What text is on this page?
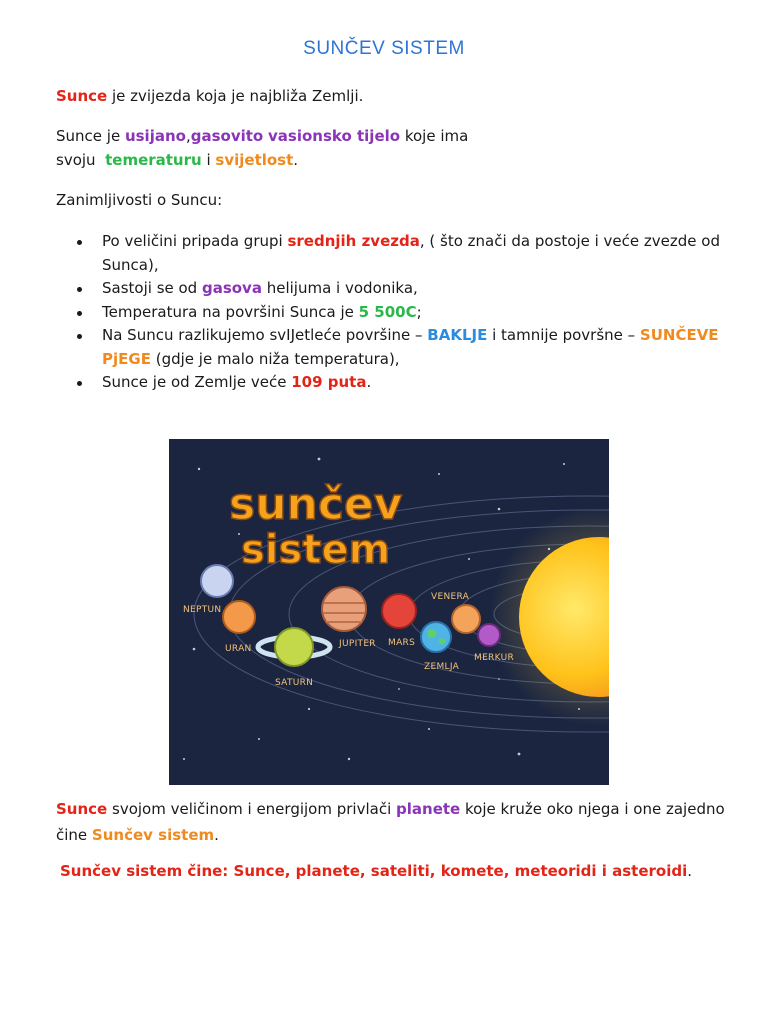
SUNČEV SISTEM
Sunce je zvijezda koja je najbliža Zemlji.
Sunce je usijano,gasovito vasionsko tijelo koje ima
svoju  temeraturu i svijetlost.
Zanimljivosti o Suncu:
Po veličini pripada grupi srednjih zvezda, ( što znači da postoje i veće zvezde od Sunca),
Sastoji se od gasova helijuma i vodonika,
Temperatura na površini Sunca je 5 500C;
Na Suncu razlikujemo svIJetleće površine – BAKLJE i tamnije površne – SUNČEVE PjEGE (gdje je malo niža temperatura),
Sunce je od Zemlje veće 109 puta.
sunčev
sistem
NEPTUN
URAN
SATURN
JUPITER MARS
VENERA
ZEMLJA
MERKUR
Sunce svojom veličinom i energijom privlači planete koje kruže oko njega i one zajedno čine Sunčev sistem.
Sunčev sistem čine: Sunce, planete, sateliti, komete, meteoridi i asteroidi.
